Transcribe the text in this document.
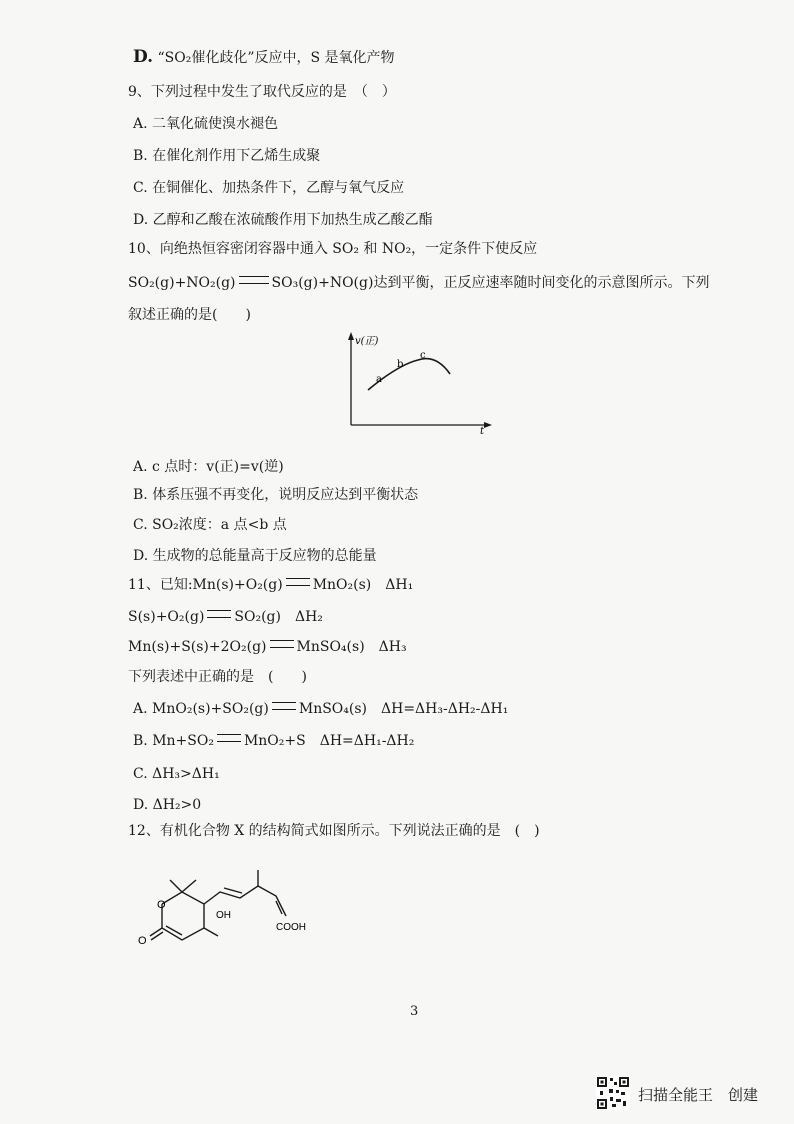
D. “SO₂催化歧化”反应中，S 是氧化产物
9、下列过程中发生了取代反应的是　（　）
A. 二氧化硫使溴水褪色
B. 在催化剂作用下乙烯生成聚
C. 在铜催化、加热条件下，乙醇与氧气反应
D. 乙醇和乙酸在浓硫酸作用下加热生成乙酸乙酯
10、向绝热恒容密闭容器中通入 SO₂ 和 NO₂，一定条件下使反应
SO₂(g)+NO₂(g)	SO₃(g)+NO(g)达到平衡，正反应速率随时间变化的示意图所示。下列
叙述正确的是(　　)
v(正)
t
a
b
c
A. c 点时：v(正)=v(逆)
B. 体系压强不再变化，说明反应达到平衡状态
C. SO₂浓度：a 点<b 点
D. 生成物的总能量高于反应物的总能量
11、已知:Mn(s)+O₂(g) MnO₂(s)　ΔH₁
S(s)+O₂(g) SO₂(g)　ΔH₂
Mn(s)+S(s)+2O₂(g) MnSO₄(s)　ΔH₃
下列表述中正确的是　(　　)
A. MnO₂(s)+SO₂(g) MnSO₄(s)　ΔH=ΔH₃-ΔH₂-ΔH₁
B. Mn+SO₂ MnO₂+S　ΔH=ΔH₁-ΔH₂
C. ΔH₃>ΔH₁
D. ΔH₂>0
12、有机化合物 X 的结构简式如图所示。下列说法正确的是　(　)
O
O
OH
COOH
3
扫描全能王　创建
